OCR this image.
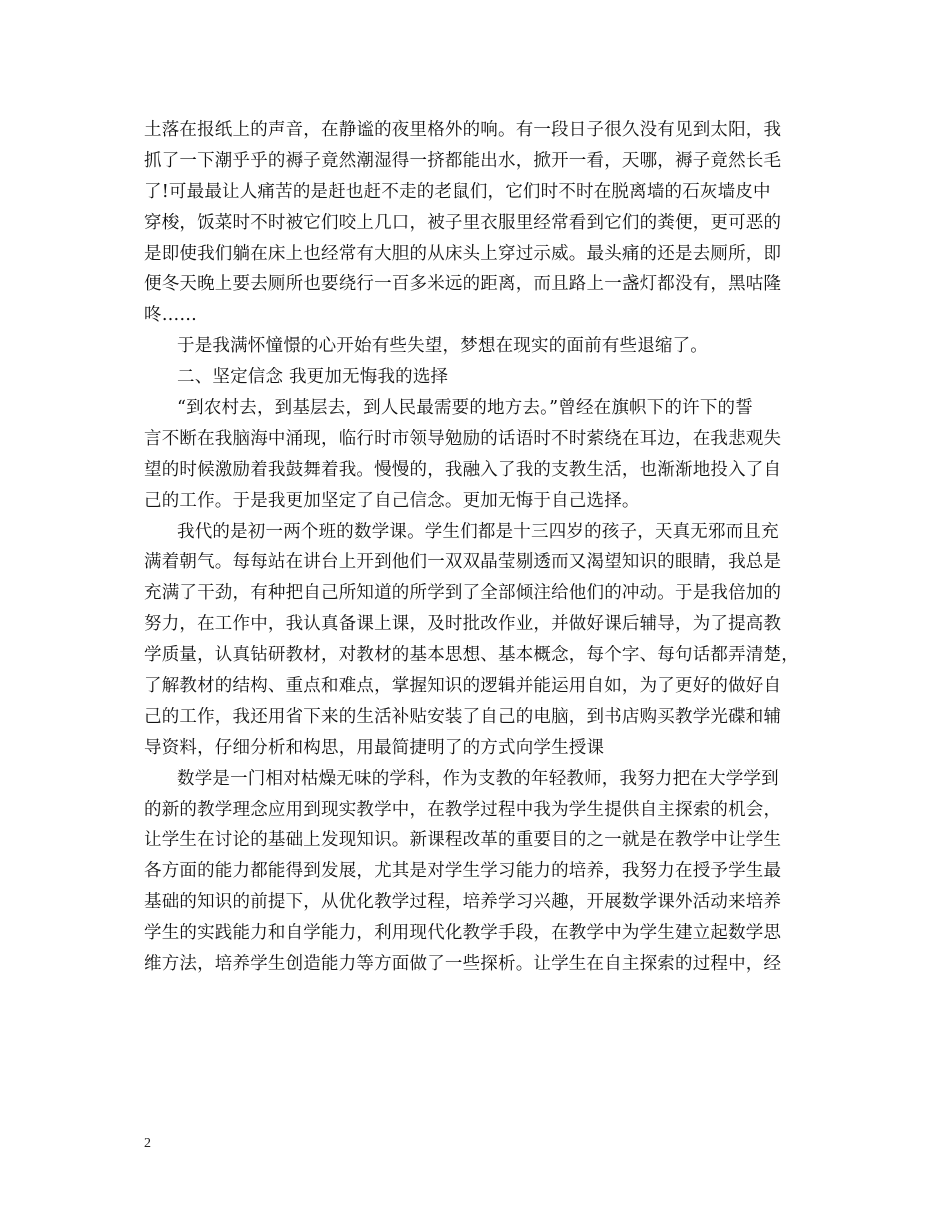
土落在报纸上的声音，在静谧的夜里格外的响。有一段日子很久没有见到太阳，我
抓了一下潮乎乎的褥子竟然潮湿得一挤都能出水，掀开一看，天哪，褥子竟然长毛
了!可最最让人痛苦的是赶也赶不走的老鼠们，它们时不时在脱离墙的石灰墙皮中
穿梭，饭菜时不时被它们咬上几口，被子里衣服里经常看到它们的粪便，更可恶的
是即使我们躺在床上也经常有大胆的从床头上穿过示威。最头痛的还是去厕所，即
便冬天晚上要去厕所也要绕行一百多米远的距离，而且路上一盏灯都没有，黑咕隆
咚……
于是我满怀憧憬的心开始有些失望，梦想在现实的面前有些退缩了。
二、坚定信念 我更加无悔我的选择
“到农村去，到基层去，到人民最需要的地方去。”曾经在旗帜下的许下的誓
言不断在我脑海中涌现，临行时市领导勉励的话语时不时萦绕在耳边，在我悲观失
望的时候激励着我鼓舞着我。慢慢的，我融入了我的支教生活，也渐渐地投入了自
己的工作。于是我更加坚定了自己信念。更加无悔于自己选择。
我代的是初一两个班的数学课。学生们都是十三四岁的孩子，天真无邪而且充
满着朝气。每每站在讲台上开到他们一双双晶莹剔透而又渴望知识的眼睛，我总是
充满了干劲，有种把自己所知道的所学到了全部倾注给他们的冲动。于是我倍加的
努力，在工作中，我认真备课上课，及时批改作业，并做好课后辅导，为了提高教
学质量，认真钻研教材，对教材的基本思想、基本概念，每个字、每句话都弄清楚，
了解教材的结构、重点和难点，掌握知识的逻辑并能运用自如，为了更好的做好自
己的工作，我还用省下来的生活补贴安装了自己的电脑，到书店购买教学光碟和辅
导资料，仔细分析和构思，用最简捷明了的方式向学生授课
数学是一门相对枯燥无味的学科，作为支教的年轻教师，我努力把在大学学到
的新的教学理念应用到现实教学中，在教学过程中我为学生提供自主探索的机会，
让学生在讨论的基础上发现知识。新课程改革的重要目的之一就是在教学中让学生
各方面的能力都能得到发展，尤其是对学生学习能力的培养，我努力在授予学生最
基础的知识的前提下，从优化教学过程，培养学习兴趣，开展数学课外活动来培养
学生的实践能力和自学能力，利用现代化教学手段，在教学中为学生建立起数学思
维方法，培养学生创造能力等方面做了一些探析。让学生在自主探索的过程中，经
2
